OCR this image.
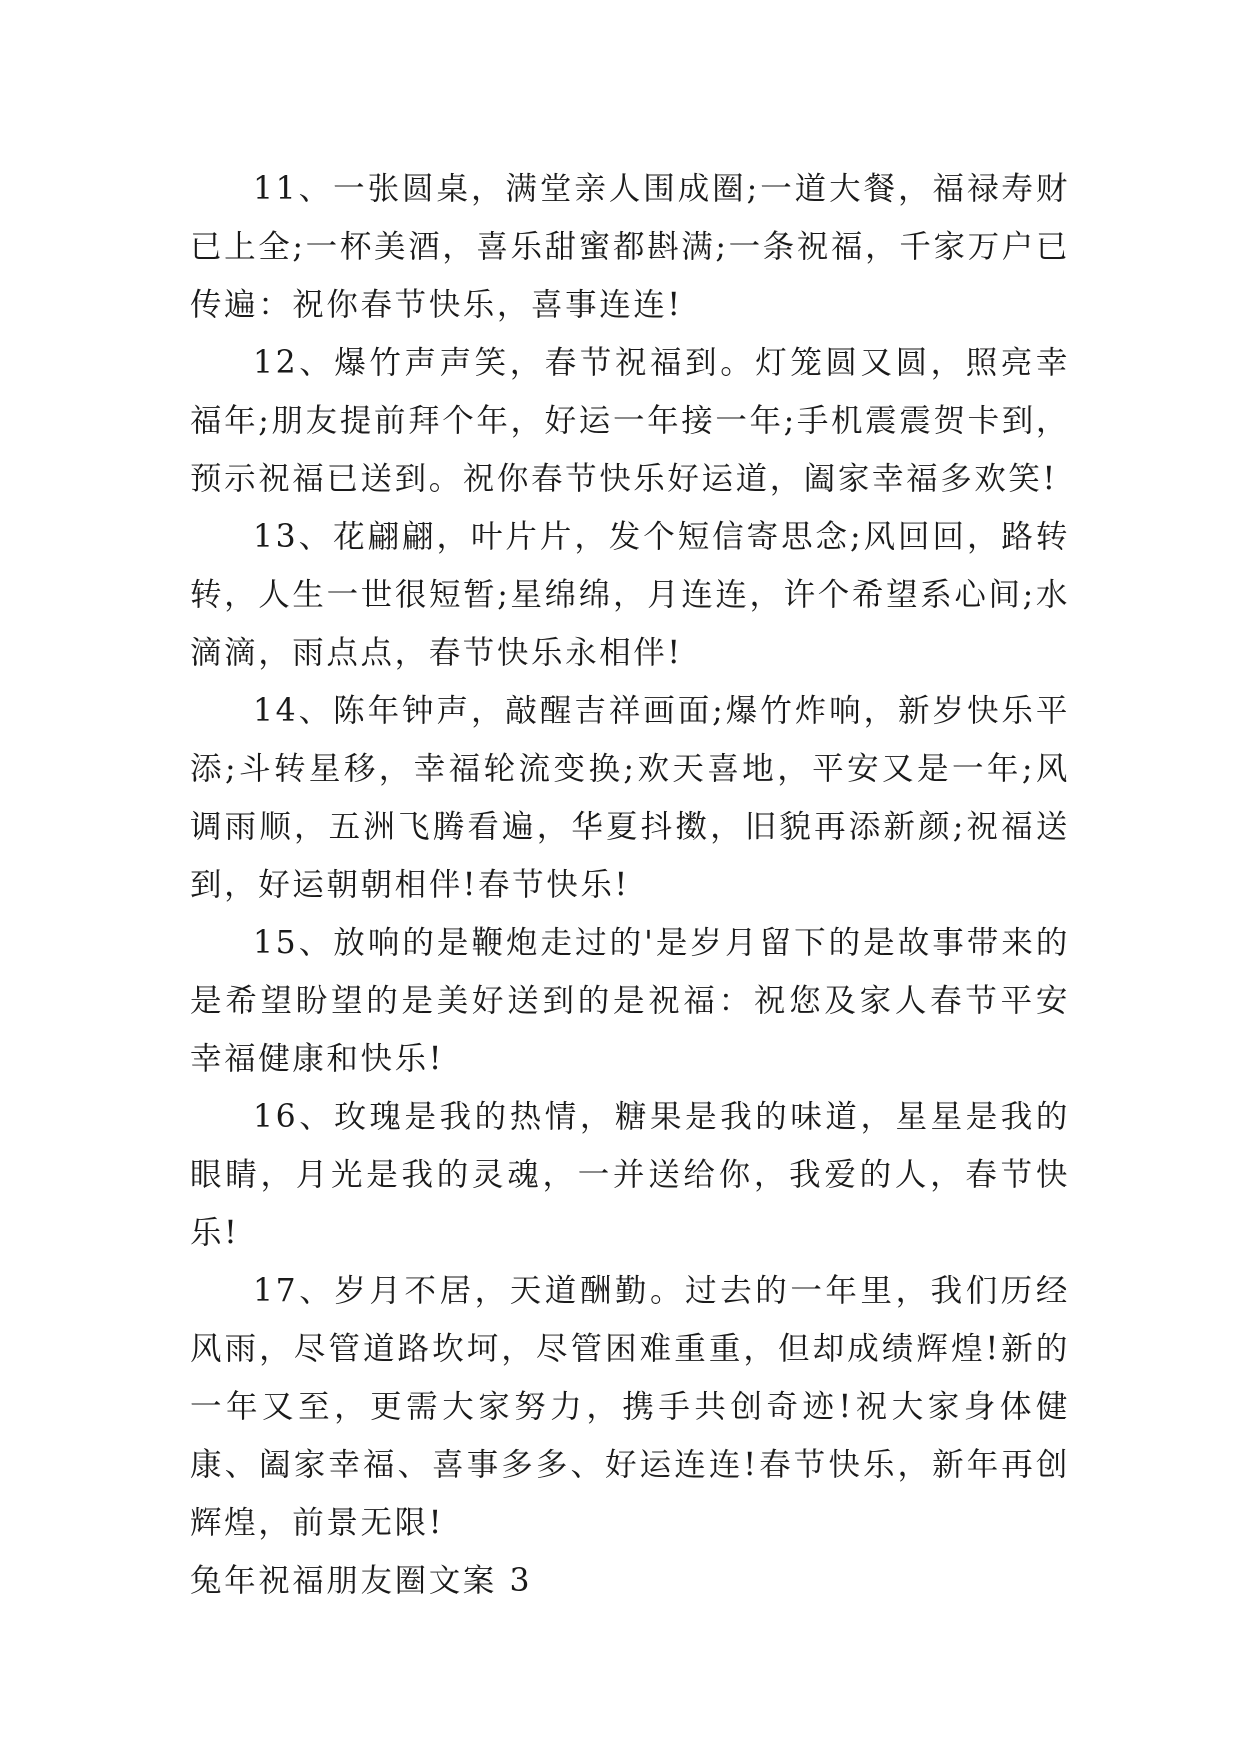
11、一张圆桌，满堂亲人围成圈;一道大餐，福禄寿财已上全;一杯美酒，喜乐甜蜜都斟满;一条祝福，千家万户已传遍：祝你春节快乐，喜事连连!

12、爆竹声声笑，春节祝福到。灯笼圆又圆，照亮幸福年;朋友提前拜个年，好运一年接一年;手机震震贺卡到，预示祝福已送到。祝你春节快乐好运道，阖家幸福多欢笑!

13、花翩翩，叶片片，发个短信寄思念;风回回，路转转，人生一世很短暂;星绵绵，月连连，许个希望系心间;水滴滴，雨点点，春节快乐永相伴!

14、陈年钟声，敲醒吉祥画面;爆竹炸响，新岁快乐平添;斗转星移，幸福轮流变换;欢天喜地，平安又是一年;风调雨顺，五洲飞腾看遍，华夏抖擞，旧貌再添新颜;祝福送到，好运朝朝相伴!春节快乐!

15、放响的是鞭炮走过的'是岁月留下的是故事带来的是希望盼望的是美好送到的是祝福：祝您及家人春节平安幸福健康和快乐!

16、玫瑰是我的热情，糖果是我的味道，星星是我的眼睛，月光是我的灵魂，一并送给你，我爱的人，春节快乐!

17、岁月不居，天道酬勤。过去的一年里，我们历经风雨，尽管道路坎坷，尽管困难重重，但却成绩辉煌!新的一年又至，更需大家努力，携手共创奇迹!祝大家身体健康、阖家幸福、喜事多多、好运连连!春节快乐，新年再创辉煌，前景无限!

兔年祝福朋友圈文案 3
